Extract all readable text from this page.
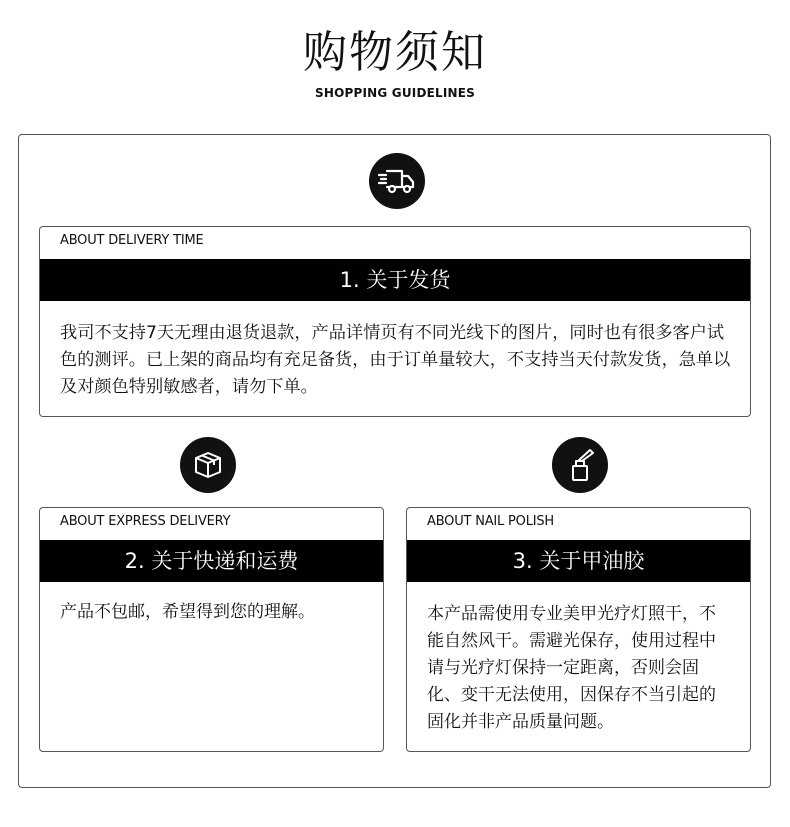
购物须知
SHOPPING GUIDELINES
ABOUT DELIVERY TIME
1. 关于发货
我司不支持7天无理由退货退款，产品详情页有不同光线下的图片，同时也有很多客户试色的测评。已上架的商品均有充足备货，由于订单量较大，不支持当天付款发货，急单以及对颜色特别敏感者，请勿下单。
ABOUT EXPRESS DELIVERY
2. 关于快递和运费
产品不包邮，希望得到您的理解。
ABOUT NAIL POLISH
3. 关于甲油胶
本产品需使用专业美甲光疗灯照干，不能自然风干。需避光保存，使用过程中请与光疗灯保持一定距离，否则会固化、变干无法使用，因保存不当引起的固化并非产品质量问题。
